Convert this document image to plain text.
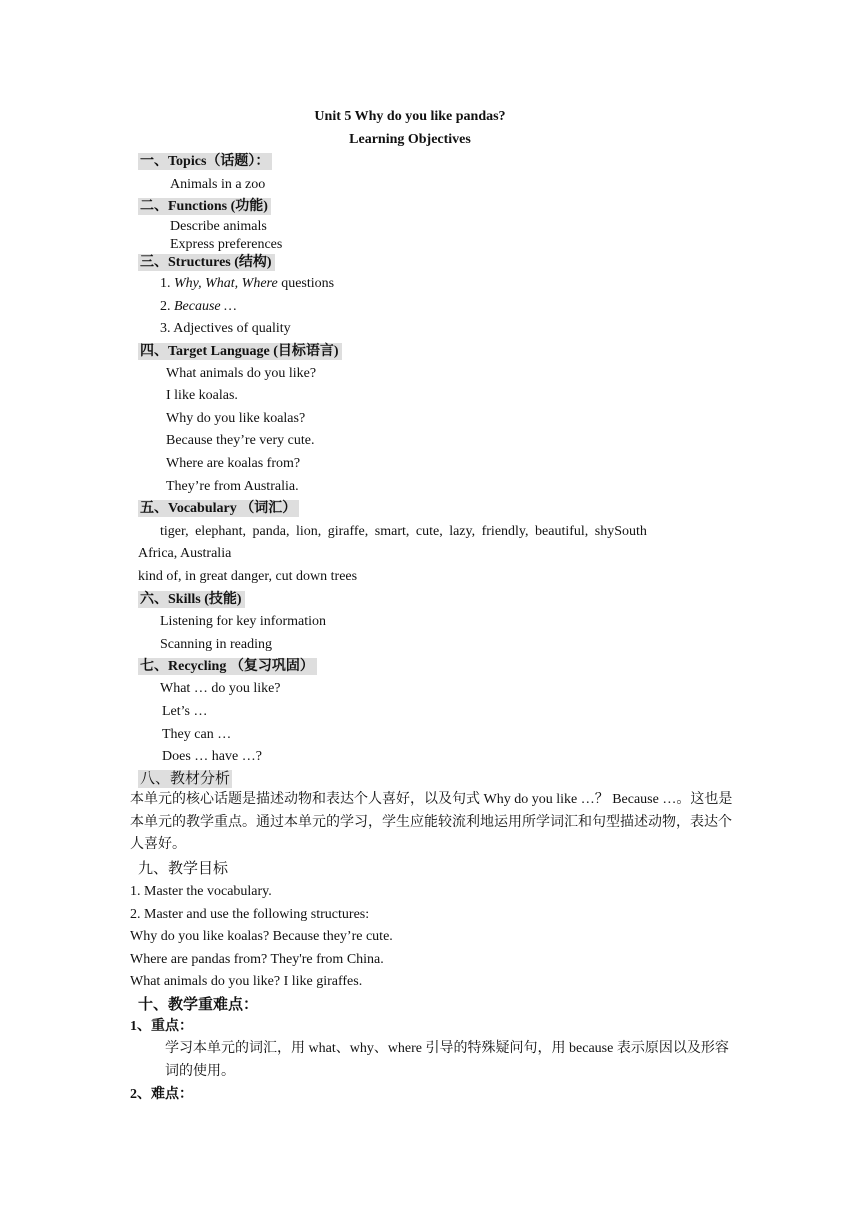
Unit 5 Why do you like pandas?
Learning Objectives
一、Topics（话题）：
Animals in a zoo
二、Functions (功能)
Describe animals
Express preferences
三、Structures (结构)
1. Why, What, Where questions
2. Because …
3. Adjectives of quality
四、Target Language (目标语言)
What animals do you like?
I like koalas.
Why do you like koalas?
Because they’re very cute.
Where are koalas from?
They’re from Australia.
五、Vocabulary （词汇）
tiger, elephant, panda, lion, giraffe, smart, cute, lazy, friendly, beautiful, shySouth
Africa, Australia
kind of, in great danger, cut down trees
六、Skills (技能)
Listening for key information
Scanning in reading
七、Recycling （复习巩固）
What … do you like?
Let’s …
They can …
Does … have …?
八、教材分析
本单元的核心话题是描述动物和表达个人喜好，以及句式 Why do you like …？ Because …。这也是本单元的教学重点。通过本单元的学习，学生应能较流利地运用所学词汇和句型描述动物，表达个人喜好。
九、教学目标
1. Master the vocabulary.
2. Master and use the following structures:
Why do you like koalas? Because they’re cute.
Where are pandas from? They're from China.
What animals do you like? I like giraffes.
十、教学重难点：
1、重点：
学习本单元的词汇，用 what、why、where 引导的特殊疑问句，用 because 表示原因以及形容词的使用。
2、难点：
